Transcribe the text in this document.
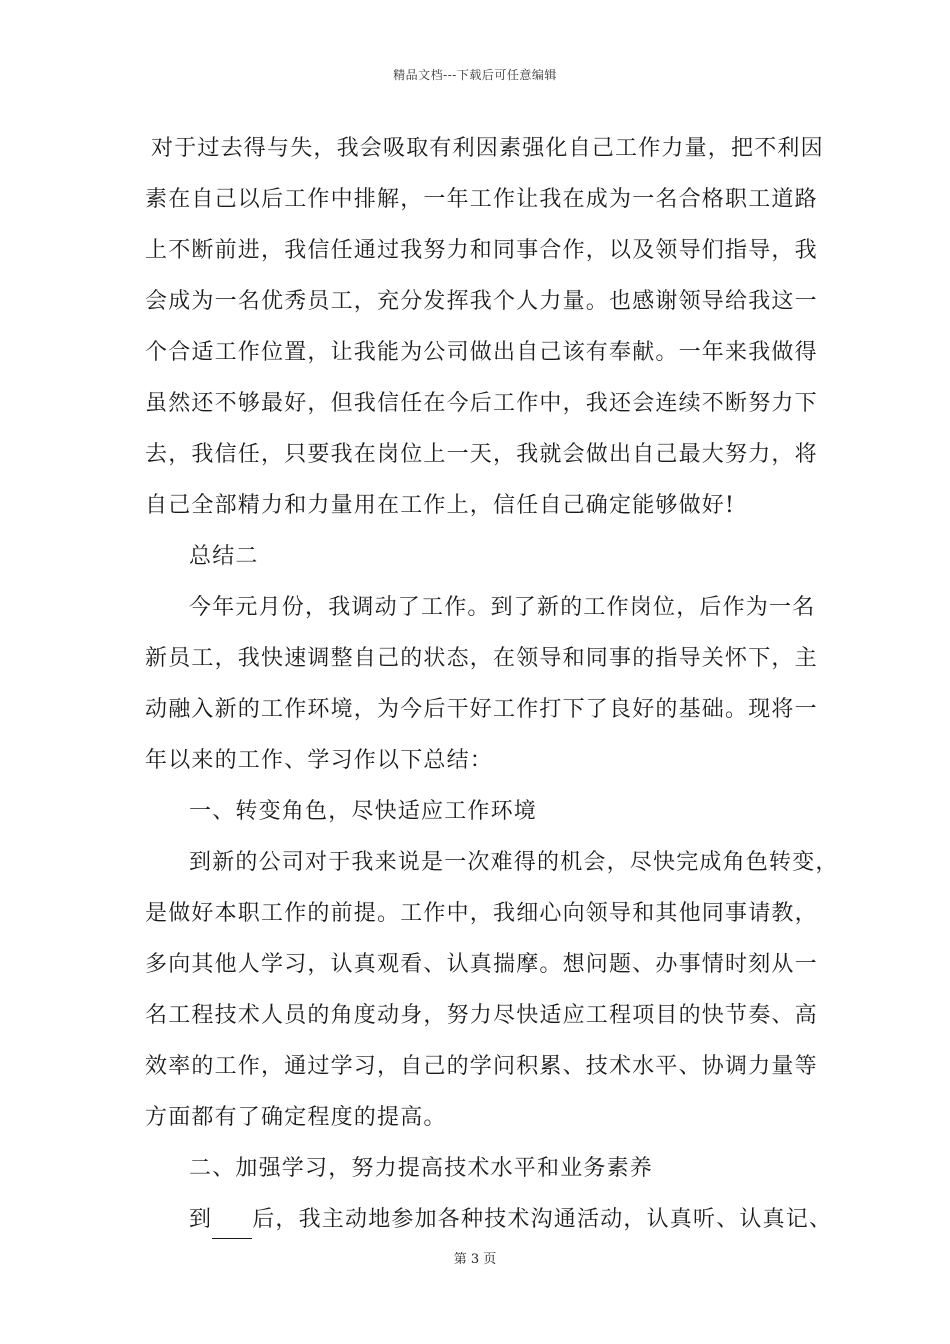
精品文档---下载后可任意编辑
对于过去得与失，我会吸取有利因素强化自己工作力量，把不利因
素在自己以后工作中排解，一年工作让我在成为一名合格职工道路
上不断前进，我信任通过我努力和同事合作，以及领导们指导，我
会成为一名优秀员工，充分发挥我个人力量。也感谢领导给我这一
个合适工作位置，让我能为公司做出自己该有奉献。一年来我做得
虽然还不够最好，但我信任在今后工作中，我还会连续不断努力下
去，我信任，只要我在岗位上一天，我就会做出自己最大努力，将
自己全部精力和力量用在工作上，信任自己确定能够做好!
总结二
今年元月份，我调动了工作。到了新的工作岗位，后作为一名
新员工，我快速调整自己的状态，在领导和同事的指导关怀下，主
动融入新的工作环境，为今后干好工作打下了良好的基础。现将一
年以来的工作、学习作以下总结：
一、转变角色，尽快适应工作环境
到新的公司对于我来说是一次难得的机会，尽快完成角色转变，
是做好本职工作的前提。工作中，我细心向领导和其他同事请教，
多向其他人学习，认真观看、认真揣摩。想问题、办事情时刻从一
名工程技术人员的角度动身，努力尽快适应工程项目的快节奏、高
效率的工作，通过学习，自己的学问积累、技术水平、协调力量等
方面都有了确定程度的提高。
二、加强学习，努力提高技术水平和业务素养
到 后，我主动地参加各种技术沟通活动，认真听、认真记、
第 3 页
